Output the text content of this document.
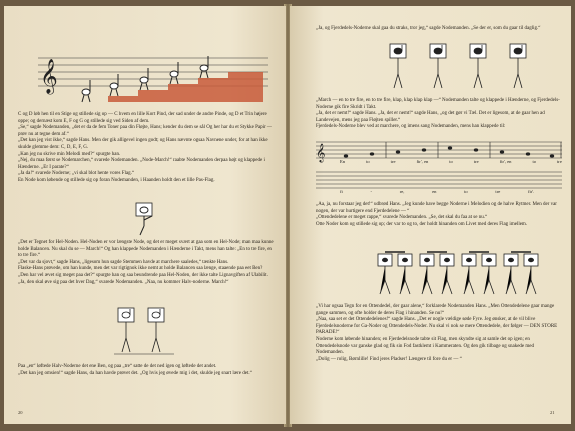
𝄞

C og D løb hen til en Stige og stillede sig op — C hvem en lille Kort Pind, der sad under de andre Pinde, og D et Trin højere oppe; og dernæst kom E, F og G og stillede sig ved Siden af dem.

„Se,“ sagde Nodemanden, „det er da de fem Toner paa din Fløjte, Hans; kender du dem se sål Og her har du et Stykke Papir — prøv nu at tegne dem af.“

„Det kan jeg vist ikke,“ sagde Hans. Men der gik alligevel ingen godt; og Hans nævnte ogsaa Navnene under, for at han ikke skulde glemme dem: C, D, E, F, G.

„Kan jeg nu skrive min Melodi med?“ spurgte han.

„Nej, du maa først se Nodemarchen,“ svarede Nodemanden. „Node-March!“ raabte Nodemanden derpaa højt og klappede i Hænderne. „Er I parate?“

„Ja da!“ svarede Noderne; „vi skal blot hente vores Flag.“

En Node kom løbende og stillede sig op foran Nodemanden, i Haanden holdt den et lille Pas-Flag.

„Det er Tegnet for Hel-Noden. Hel-Noden er vor længste Node, og det er meget svært at gaa som en Hel-Node; man maa kunne holde Balancen. Nu skal du se — March!“ Og han klappede Nodemanden i Hænderne i Takt, mens han talte: „En to tre fire, en to tre fire.“

„Det var da sjovt,“ sagde Hans, „ligesom hun sagde Stemmen havde at marchere saaledes,“ tænkte Hans.

Flaske-Hans prøvede, om han kunde, men det var rigtignok ikke nemt at holde Balancen saa længe, staaende paa eet Ben?

„Den har vel ævet sig meget paa det?“ spurgte han og saa beundrende paa Hel-Noden, der ikke talte Lignavgiften af Ulabilit.

„Ja, den skal øve sig paa det hver Dag,“ svarede Nodemanden. „Naa, nu kommer Halv-noderne. March!“

Paa „en“ løftede Halv-Noderne det ene Ben, og paa „tre“ satte de det ned igen og løftede det andet.

„Det kan jeg omsien!“ sagde Hans, da han havde prøvet det. „Og hvis jeg øvede mig i det, skulde jeg snart lære det.“

20

„Ja, og Fjerdedels-Noderne skal gaa du straks, tror jeg,“ sagde Nodemanden. „Se der er, som du gaar til daglig.“

„March — en to tre fire, en to tre fire, klap, klap klap klap —“ Nodemanden talte og klappede i Hænderne, og Fjerdedels-Noderne gik fire Skridt i Takt.

„Ja, det er nemt!“ sagde Hans. „Ja, det er nemt!“ sagde Hans, „og det gør vi Tæl. Det er ligesom, at de gaar hen ad Landevejen, mens jeg paa Fløjten spiller.“

Fjerdedels-Noderne blev ved at marchere, og imens sang Nodemanden, mens han klappede til:

𝄞	En	to	tre	fir', en	to	tre	fir', en	to	tre
fi	-	re,	en	to	tre	fir'.

„Aa, ja, nu forstaar jeg det!“ udbrød Hans. „Jeg kunde have begge Noderne i Melodien og de halve Rytmer. Men der var nogen, der var hurtigere end Fjerdedelene — “

„Ottendedelene er meget rappe,“ svarede Nodemanden. „Se, det skal du faa at se nu.“

Otte Noder kom og stillede sig op; der var to og to, der holdt hinanden om Livet med deres Flag imellem.

„Vi har ogsaa Tegn for en Ottendedel, der gaar alene,“ forklarede Nodemanden Hans. „Men Ottendedelene gaar mange gange sammen, og ofte holder de deres Flag i hinanden. Se nu!“

„Naa, saa set er det Ottendedelenes!“ sagde Hans. „Det er nogle vældige søde Fyre. Jeg ønsker, at de vil blive Fjerdedelsnoderne for Ga-Noder og Ottendedels-Noder. Nu skal vi nok se mere Ottendedele, der følger — DEN STORE PARADE!“

Noderne kom løbende hinanden; en Fjerdedelsnode tabte sit Flag, men skyndte sig at samle det op igen; en Ottendedelsnode var ganske glad og fik sin Fod fastklemt i Kammeraten. Og den gik tilbage og snakede med Nodemanden.

„Dolig — rolig, Børnlille! Find jeres Pladser! Længere til fore du er — “

21
